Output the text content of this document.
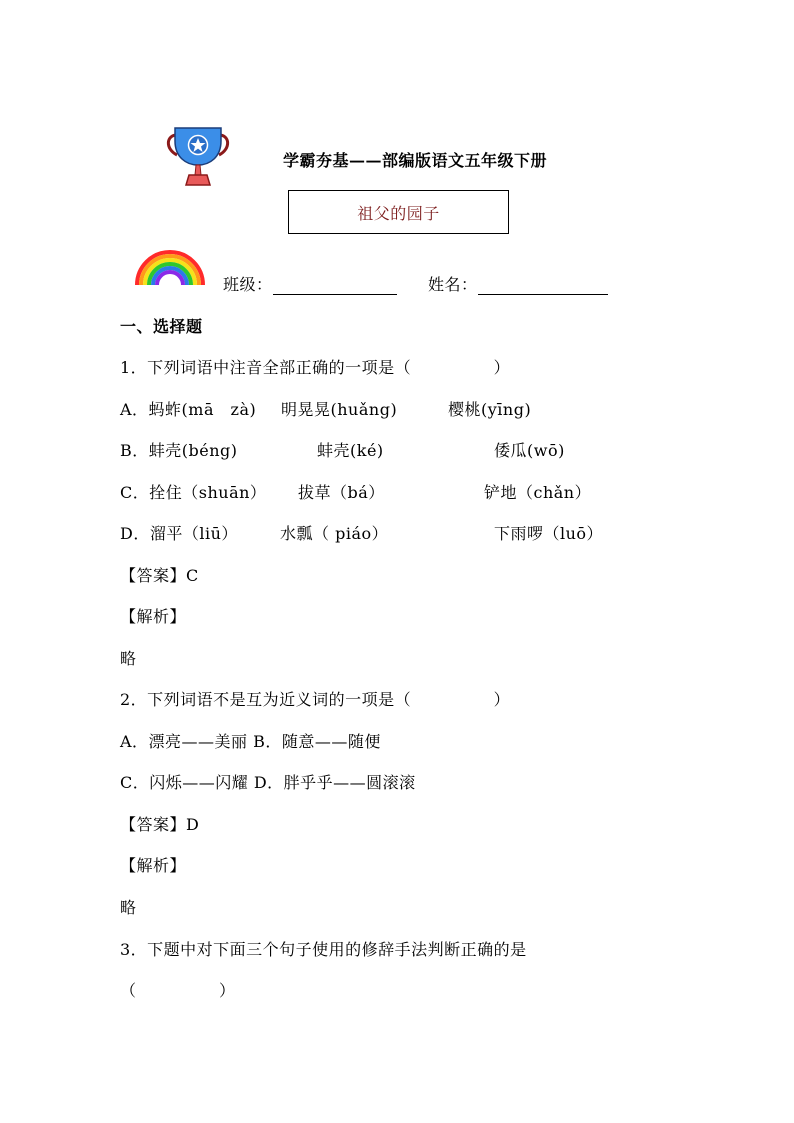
学霸夯基——部编版语文五年级下册
祖父的园子
班级：	姓名：
一、选择题
1．下列词语中注音全部正确的一项是（　　　　　）
A．蚂蚱(mā　zà) 明晃晃(huǎng)	樱桃(yīng)
B．蚌壳(béng)	蚌壳(ké)	倭瓜(wō)
C．拴住（shuān） 拔草（bá）	铲地（chǎn）
D．溜平（liū）	水瓢（ piáo）	下雨啰（luō）
【答案】C
【解析】
略
2．下列词语不是互为近义词的一项是（　　　　　）
A．漂亮——美丽 B．随意——随便
C．闪烁——闪耀 D．胖乎乎——圆滚滚
【答案】D
【解析】
略
3．下题中对下面三个句子使用的修辞手法判断正确的是
（　　　　　）
